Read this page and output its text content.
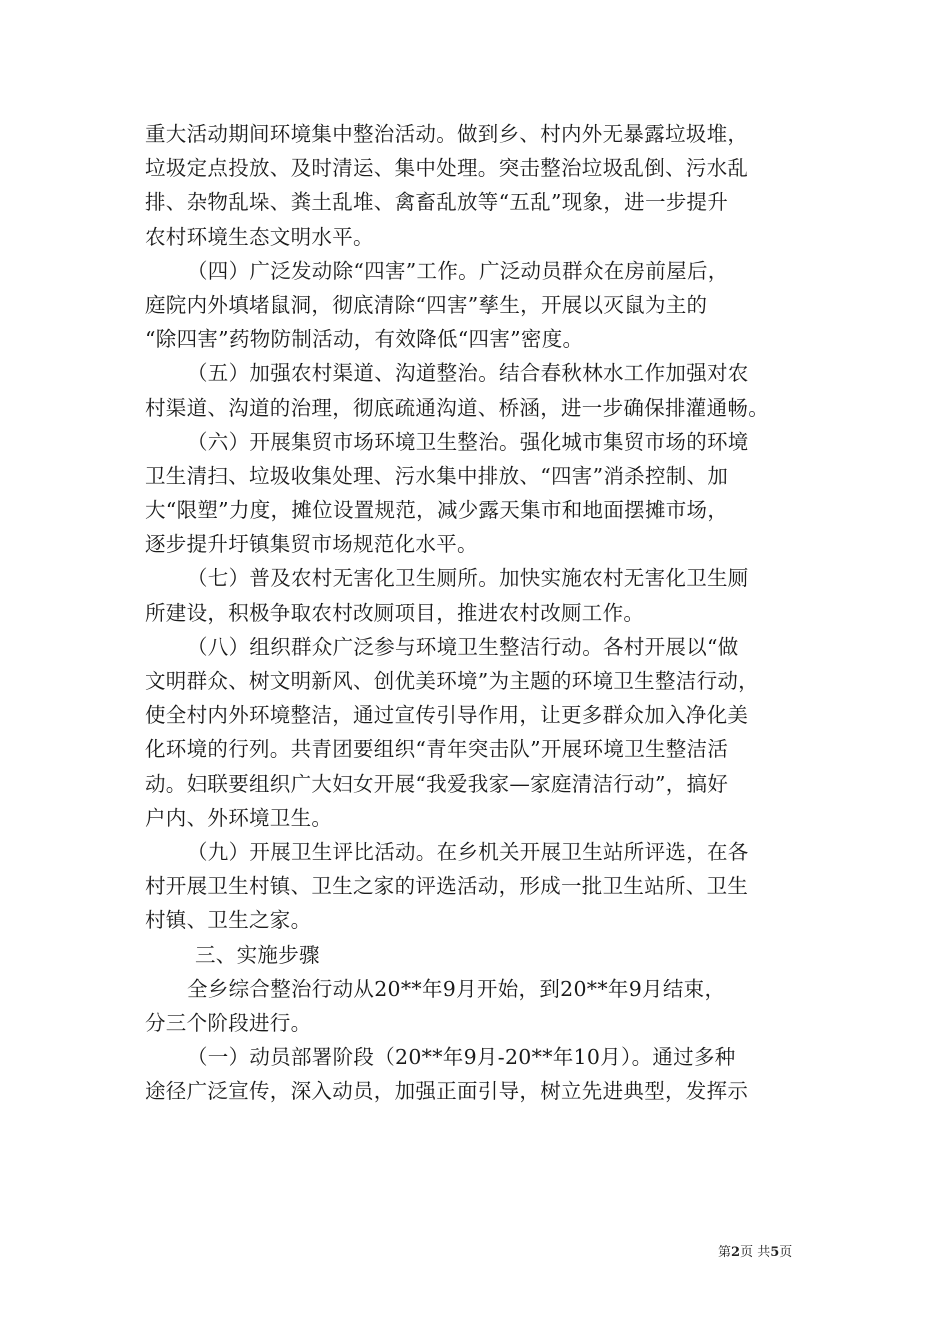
重大活动期间环境集中整治活动。做到乡、村内外无暴露垃圾堆，
垃圾定点投放、及时清运、集中处理。突击整治垃圾乱倒、污水乱
排、杂物乱垛、粪土乱堆、禽畜乱放等“五乱”现象，进一步提升
农村环境生态文明水平。
（四）广泛发动除“四害”工作。广泛动员群众在房前屋后，
庭院内外填堵鼠洞，彻底清除“四害”孳生，开展以灭鼠为主的
“除四害”药物防制活动，有效降低“四害”密度。
（五）加强农村渠道、沟道整治。结合春秋林水工作加强对农
村渠道、沟道的治理，彻底疏通沟道、桥涵，进一步确保排灌通畅。
（六）开展集贸市场环境卫生整治。强化城市集贸市场的环境
卫生清扫、垃圾收集处理、污水集中排放、“四害”消杀控制、加
大“限塑”力度，摊位设置规范，减少露天集市和地面摆摊市场，
逐步提升圩镇集贸市场规范化水平。
（七）普及农村无害化卫生厕所。加快实施农村无害化卫生厕
所建设，积极争取农村改厕项目，推进农村改厕工作。
（八）组织群众广泛参与环境卫生整洁行动。各村开展以“做
文明群众、树文明新风、创优美环境”为主题的环境卫生整洁行动，
使全村内外环境整洁，通过宣传引导作用，让更多群众加入净化美
化环境的行列。共青团要组织“青年突击队”开展环境卫生整洁活
动。妇联要组织广大妇女开展“我爱我家—家庭清洁行动”，搞好
户内、外环境卫生。
（九）开展卫生评比活动。在乡机关开展卫生站所评选，在各
村开展卫生村镇、卫生之家的评选活动，形成一批卫生站所、卫生
村镇、卫生之家。
三、实施步骤
全乡综合整治行动从20**年9月开始，到20**年9月结束，
分三个阶段进行。
（一）动员部署阶段（20**年9月-20**年10月）。通过多种
途径广泛宣传，深入动员，加强正面引导，树立先进典型，发挥示
第2页 共5页
